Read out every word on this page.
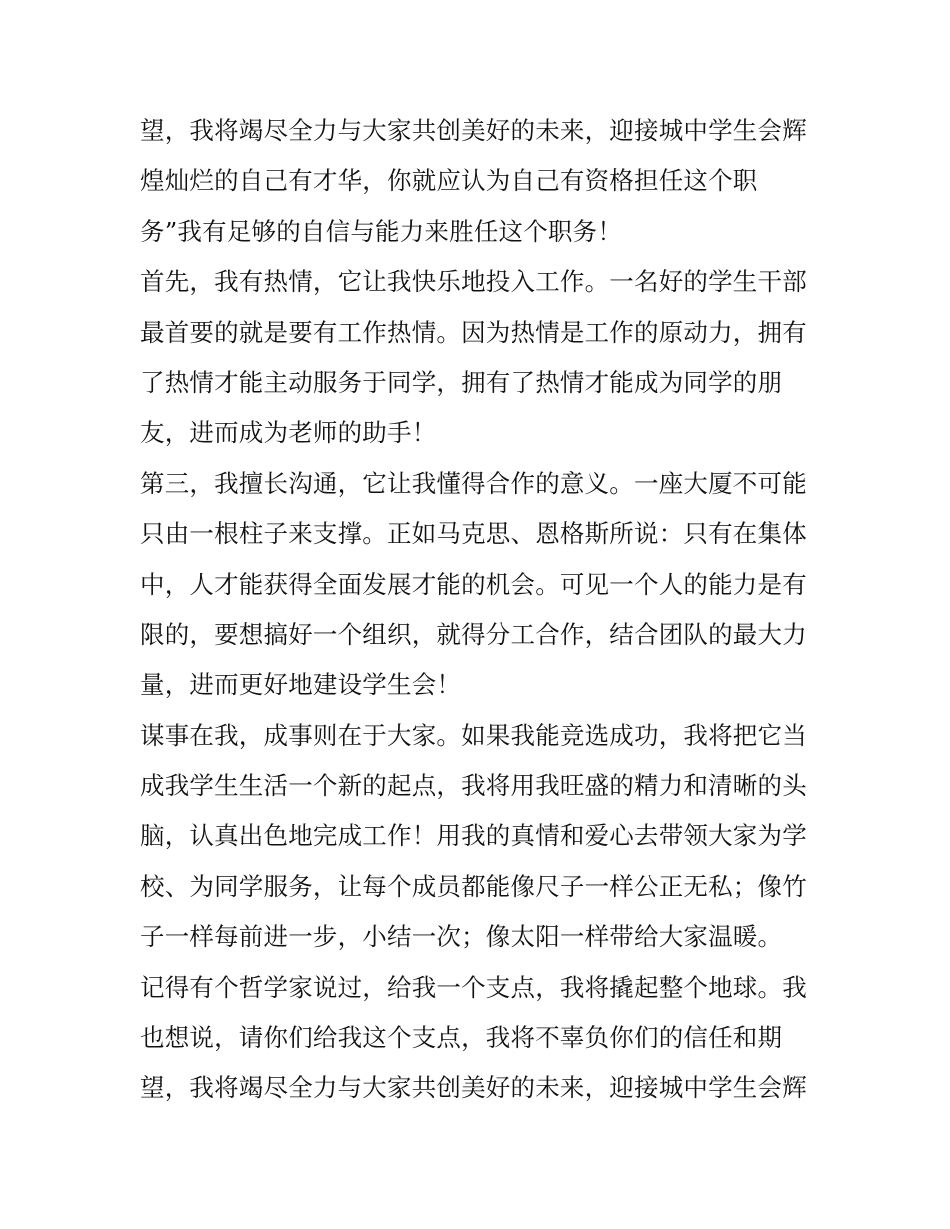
望，我将竭尽全力与大家共创美好的未来，迎接城中学生会辉
煌灿烂的自己有才华，你就应认为自己有资格担任这个职
务”我有足够的自信与能力来胜任这个职务！
首先，我有热情，它让我快乐地投入工作。一名好的学生干部
最首要的就是要有工作热情。因为热情是工作的原动力，拥有
了热情才能主动服务于同学，拥有了热情才能成为同学的朋
友，进而成为老师的助手！
第三，我擅长沟通，它让我懂得合作的意义。一座大厦不可能
只由一根柱子来支撑。正如马克思、恩格斯所说：只有在集体
中，人才能获得全面发展才能的机会。可见一个人的能力是有
限的，要想搞好一个组织，就得分工合作，结合团队的最大力
量，进而更好地建设学生会！
谋事在我，成事则在于大家。如果我能竞选成功，我将把它当
成我学生生活一个新的起点，我将用我旺盛的精力和清晰的头
脑，认真出色地完成工作！用我的真情和爱心去带领大家为学
校、为同学服务，让每个成员都能像尺子一样公正无私；像竹
子一样每前进一步，小结一次；像太阳一样带给大家温暖。
记得有个哲学家说过，给我一个支点，我将撬起整个地球。我
也想说，请你们给我这个支点，我将不辜负你们的信任和期
望，我将竭尽全力与大家共创美好的未来，迎接城中学生会辉
